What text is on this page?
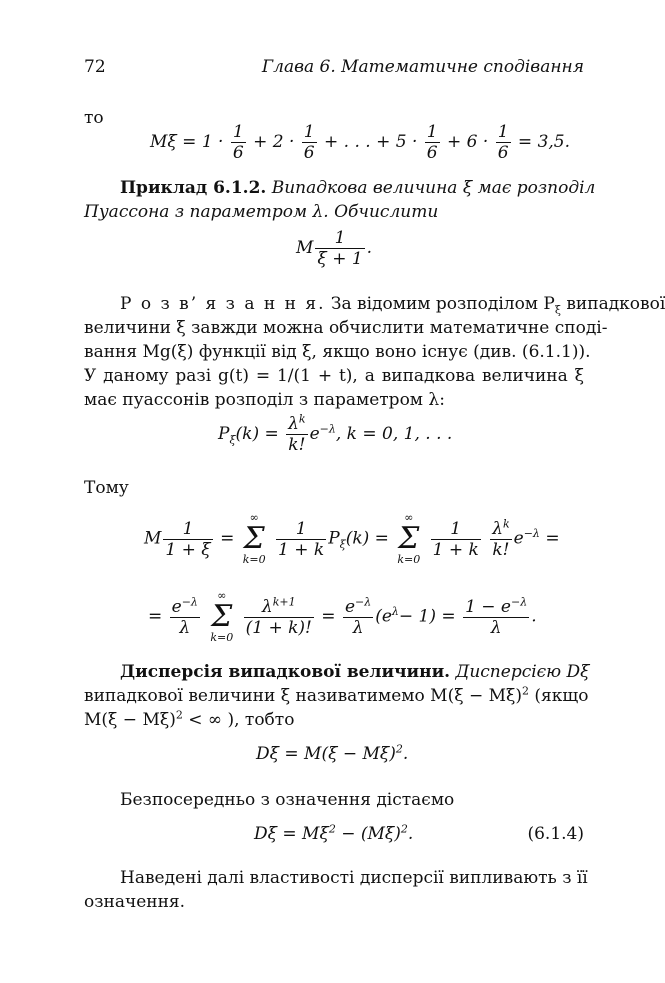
72	Глава 6. Математичне сподівання
то
$M\xi = 1 \cdot \frac{1}{6} + 2 \cdot \frac{1}{6}$ + . . . + $5 \cdot \frac{1}{6} + 6 \cdot \frac{1}{6} = 3,5$.
Приклад 6.1.2. Випадкова величина ξ має розподіл
Пуассона з параметром λ. Обчислити
M $\frac{1}{\xi + 1}$ .
Р о з в’ я з а н н я. За відомим розподілом $P_\xi$ випадкової
величини ξ завжди можна обчислити математичне споді-
вання Mg(ξ) функції від ξ, якщо воно існує (див. (6.1.1)).
У даному разі g(t) = 1/(1 + t), а випадкова величина ξ
має пуассонів розподіл з параметром λ:
$P_\xi(k) = \frac{\lambda^k}{k!} e^{-\lambda}$, k = 0, 1, . . .
Тому
M $\frac{1}{1 + \xi}$ =
∞
Σ
k=0
$\frac{1}{1 + k} P_\xi(k)$ =
∞
Σ
k=0
$\frac{1}{1 + k}$
$\frac{\lambda^k}{k!} e^{-\lambda}$ =
= $\frac{e^{-\lambda}}{\lambda}$

∞
Σ
k=0
$\frac{\lambda^{k+1}}{(1 + k)!} = \frac{e^{-\lambda}}{\lambda} (e^\lambda- 1) = \frac{1 - e^{-\lambda}}{\lambda}$ .
Дисперсія випадкової величини. Дисперсією Dξ
випадкової величини ξ називатимемо $M(\xi - M\xi)^2$ (якщо
$M(\xi - M\xi)^2$ < ∞ ), тобто
$D\xi = M(\xi - M\xi)^2$.
Безпосередньо з означення дістаємо
$D\xi = M\xi^2 - (M\xi)^2$.	(6.1.4)
Наведені далі властивості дисперсії випливають з її
означення.
